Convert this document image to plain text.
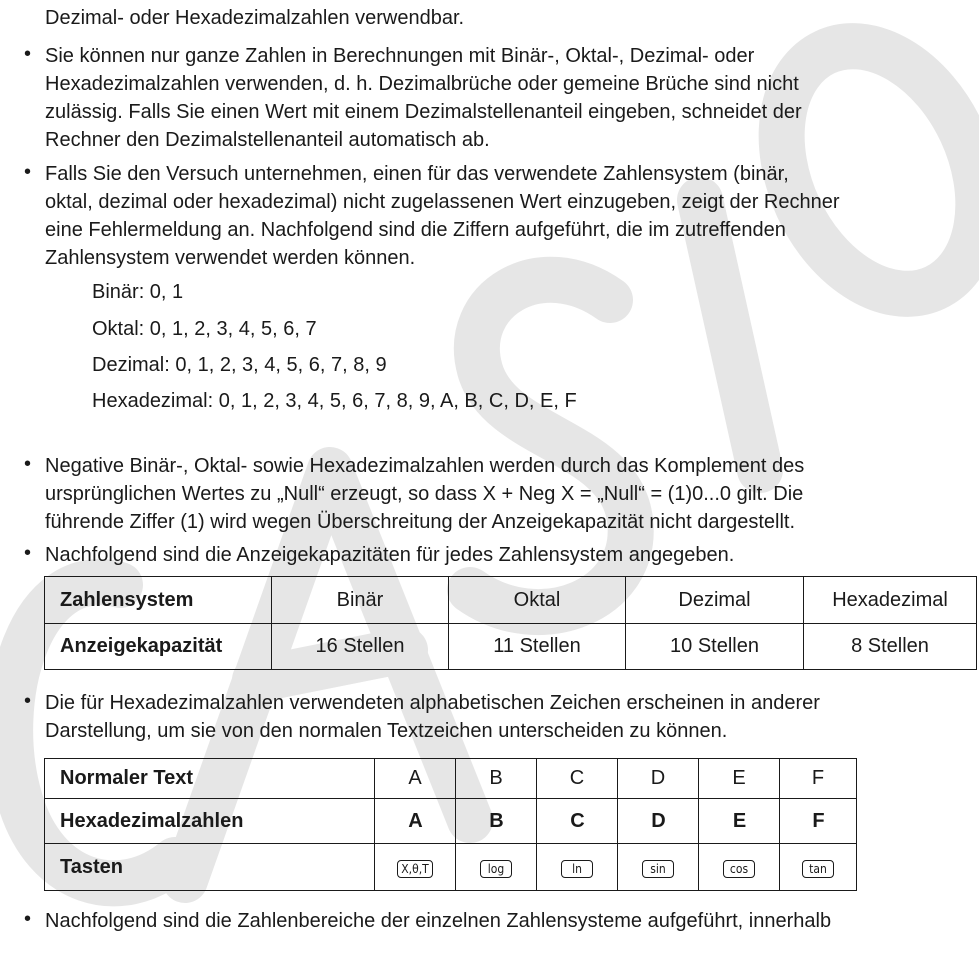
Dezimal- oder Hexadezimalzahlen verwendbar.

• Sie können nur ganze Zahlen in Berechnungen mit Binär-, Oktal-, Dezimal- oder

Hexadezimalzahlen verwenden, d. h. Dezimalbrüche oder gemeine Brüche sind nicht

zulässig. Falls Sie einen Wert mit einem Dezimalstellenanteil eingeben, schneidet der

Rechner den Dezimalstellenanteil automatisch ab.

• Falls Sie den Versuch unternehmen, einen für das verwendete Zahlensystem (binär,

oktal, dezimal oder hexadezimal) nicht zugelassenen Wert einzugeben, zeigt der Rechner

eine Fehlermeldung an. Nachfolgend sind die Ziffern aufgeführt, die im zutreffenden

Zahlensystem verwendet werden können.

Binär: 0, 1

Oktal: 0, 1, 2, 3, 4, 5, 6, 7

Dezimal: 0, 1, 2, 3, 4, 5, 6, 7, 8, 9

Hexadezimal: 0, 1, 2, 3, 4, 5, 6, 7, 8, 9, A, B, C, D, E, F

• Negative Binär-, Oktal- sowie Hexadezimalzahlen werden durch das Komplement des

ursprünglichen Wertes zu „Null“ erzeugt, so dass X + Neg X = „Null“ = (1)0...0 gilt. Die

führende Ziffer (1) wird wegen Überschreitung der Anzeigekapazität nicht dargestellt.

• Nachfolgend sind die Anzeigekapazitäten für jedes Zahlensystem angegeben.

Zahlensystem	Binär	Oktal	Dezimal	Hexadezimal
Anzeigekapazität	16 Stellen	11 Stellen	10 Stellen	8 Stellen
• Die für Hexadezimalzahlen verwendeten alphabetischen Zeichen erscheinen in anderer

Darstellung, um sie von den normalen Textzeichen unterscheiden zu können.

Normaler Text	A	B	C	D	E	F
Hexadezimalzahlen	A	B	C	D	E	F
Tasten	X,θ,T	log	ln	sin	cos	tan
• Nachfolgend sind die Zahlenbereiche der einzelnen Zahlensysteme aufgeführt, innerhalb
